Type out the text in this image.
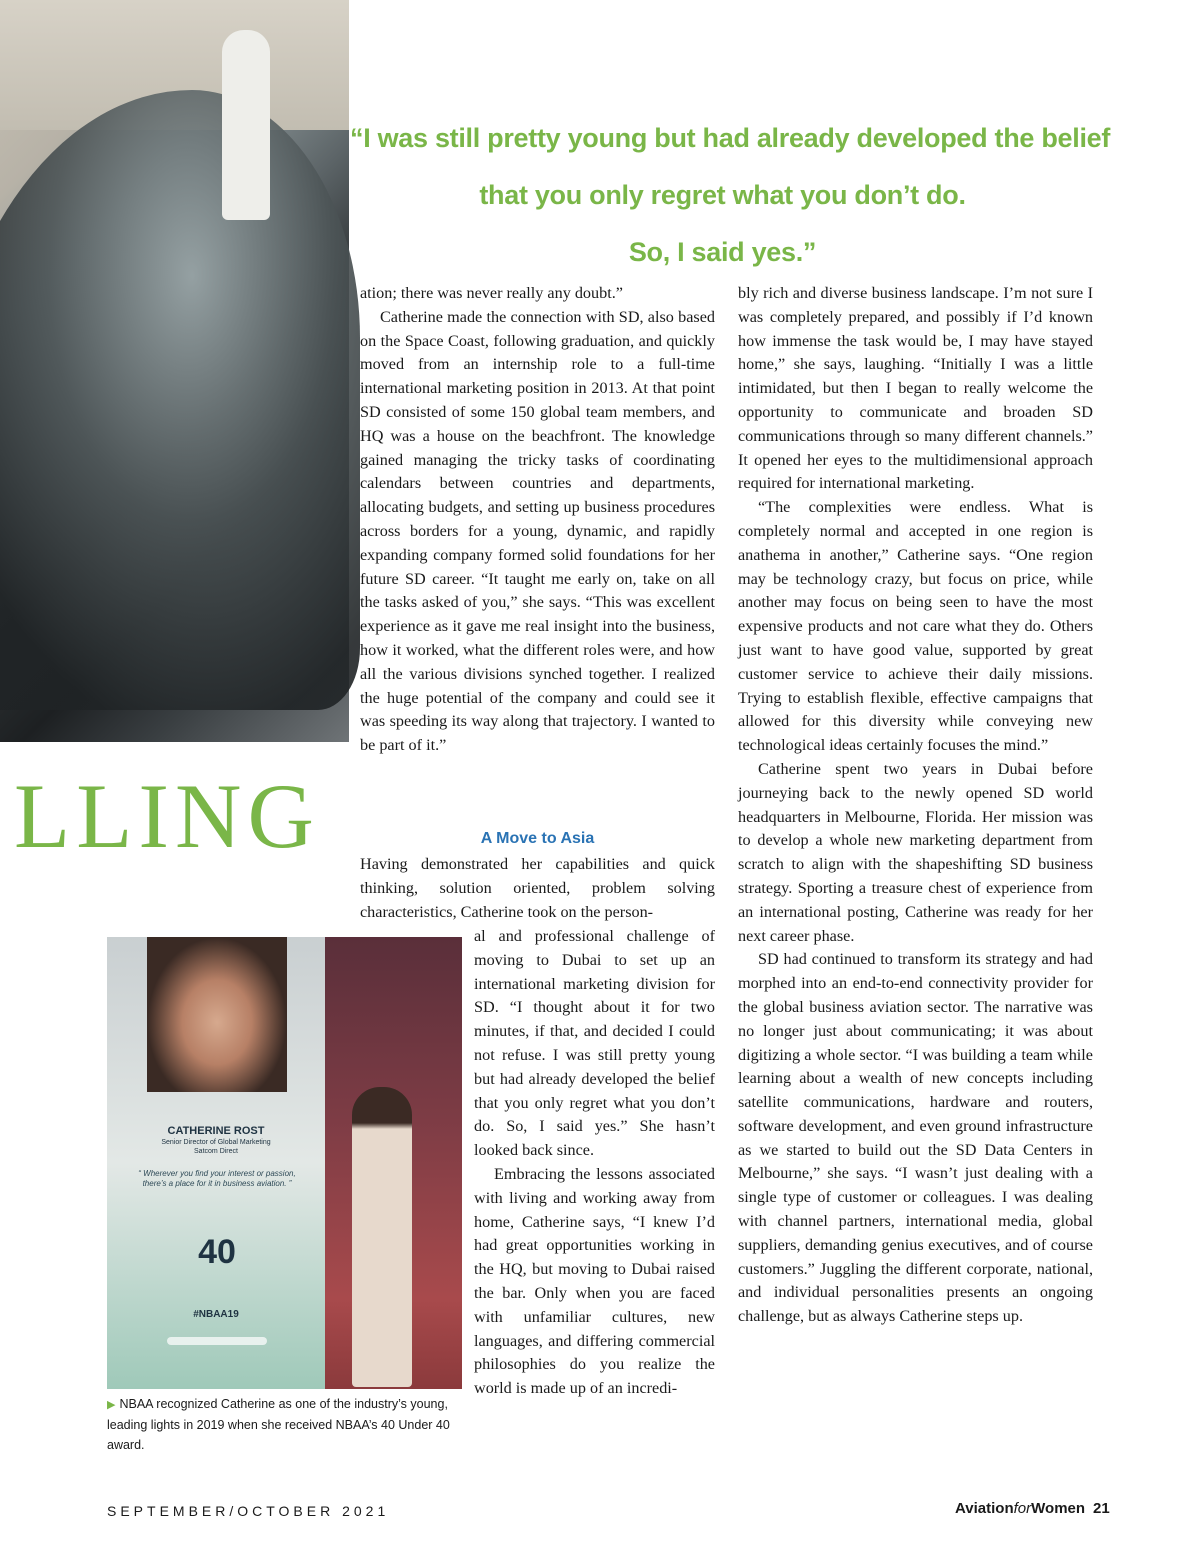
“I was still pretty young but had already developed the belief
that you only regret what you don’t do.
So, I said yes.”
LLING

ation; there was never really any doubt.”

Catherine made the connection with SD, also based on the Space Coast, following graduation, and quickly moved from an internship role to a full-time international marketing position in 2013. At that point SD consisted of some 150 global team members, and HQ was a house on the beachfront. The knowledge gained managing the tricky tasks of coordinating calendars between countries and departments, allocating budgets, and setting up business procedures across borders for a young, dynamic, and rapidly expanding company formed solid foundations for her future SD career. “It taught me early on, take on all the tasks asked of you,” she says. “This was excellent experience as it gave me real insight into the business, how it worked, what the different roles were, and how all the various divisions synched together. I realized the huge potential of the company and could see it was speeding its way along that trajectory. I wanted to be part of it.”

A Move to Asia

Having demonstrated her capabilities and quick thinking, solution oriented, problem solving characteristics, Catherine took on the person-

al and professional challenge of moving to Dubai to set up an international marketing division for SD. “I thought about it for two minutes, if that, and decided I could not refuse. I was still pretty young but had already developed the belief that you only regret what you don’t do. So, I said yes.” She hasn’t looked back since.

Embracing the lessons associated with living and working away from home, Catherine says, “I knew I’d had great opportunities working in the HQ, but moving to Dubai raised the bar. Only when you are faced with unfamiliar cultures, new languages, and differing commercial philosophies do you realize the world is made up of an incredi-

bly rich and diverse business landscape. I’m not sure I was completely prepared, and possibly if I’d known how immense the task would be, I may have stayed home,” she says, laughing. “Initially I was a little intimidated, but then I began to really welcome the opportunity to communicate and broaden SD communications through so many different channels.” It opened her eyes to the multidimensional approach required for international marketing.

“The complexities were endless. What is completely normal and accepted in one region is anathema in another,” Catherine says. “One region may be technology crazy, but focus on price, while another may focus on being seen to have the most expensive products and not care what they do. Others just want to have good value, supported by great customer service to achieve their daily missions. Trying to establish flexible, effective campaigns that allowed for this diversity while conveying new technological ideas certainly focuses the mind.”

Catherine spent two years in Dubai before journeying back to the newly opened SD world headquarters in Melbourne, Florida. Her mission was to develop a whole new marketing department from scratch to align with the shapeshifting SD business strategy. Sporting a treasure chest of experience from an international posting, Catherine was ready for her next career phase.

SD had continued to transform its strategy and had morphed into an end-to-end connectivity provider for the global business aviation sector. The narrative was no longer just about communicating; it was about digitizing a whole sector. “I was building a team while learning about a wealth of new concepts including satellite communications, hardware and routers, software development, and even ground infrastructure as we started to build out the SD Data Centers in Melbourne,” she says. “I wasn’t just dealing with a single type of customer or colleagues. I was dealing with channel partners, international media, global suppliers, demanding genius executives, and of course customers.” Juggling the different corporate, national, and individual personalities presents an ongoing challenge, but as always Catherine steps up.

CATHERINE ROST
Senior Director of Global Marketing
Satcom Direct
“ Wherever you find your interest or passion, there’s a place for it in business aviation. ”
40
#NBAA19
▶ NBAA recognized Catherine as one of the industry’s young, leading lights in 2019 when she received NBAA’s 40 Under 40 award.
SEPTEMBER/OCTOBER 2021	AviationforWomen 21
